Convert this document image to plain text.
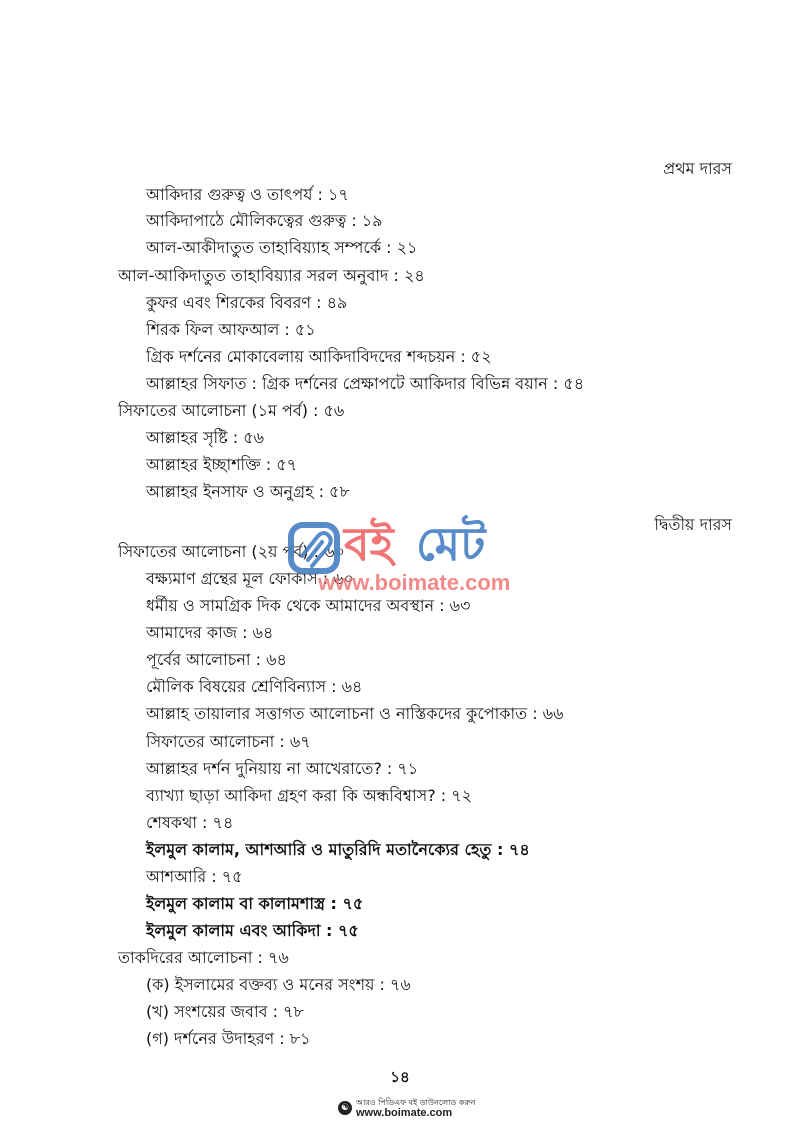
প্রথম দারস
আকিদার গুরুত্ব ও তাৎপর্য : ১৭
আকিদাপাঠে মৌলিকত্বের গুরুত্ব : ১৯
আল-আকীদাতুত তাহাবিয়্যাহ সম্পর্কে : ২১
আল-আকিদাতুত তাহাবিয়্যার সরল অনুবাদ : ২৪
কুফর এবং শিরকের বিবরণ : ৪৯
শিরক ফিল আফআল : ৫১
গ্রিক দর্শনের মোকাবেলায় আকিদাবিদদের শব্দচয়ন : ৫২
আল্লাহর সিফাত : গ্রিক দর্শনের প্রেক্ষাপটে আকিদার বিভিন্ন বয়ান : ৫৪
সিফাতের আলোচনা (১ম পর্ব) : ৫৬
আল্লাহর সৃষ্টি : ৫৬
আল্লাহর ইচ্ছাশক্তি : ৫৭
আল্লাহর ইনসাফ ও অনুগ্রহ : ৫৮
দ্বিতীয় দারস
সিফাতের আলোচনা (২য় পর্ব) : ৬০
বক্ষ্যমাণ গ্রন্থের মূল ফোকাস : ৬০
ধর্মীয় ও সামগ্রিক দিক থেকে আমাদের অবস্থান : ৬৩
আমাদের কাজ : ৬৪
পূর্বের আলোচনা : ৬৪
মৌলিক বিষয়ের শ্রেণিবিন্যাস : ৬৪
আল্লাহ তায়ালার সত্তাগত আলোচনা ও নাস্তিকদের কুপোকাত : ৬৬
সিফাতের আলোচনা : ৬৭
আল্লাহর দর্শন দুনিয়ায় না আখেরাতে? : ৭১
ব্যাখ্যা ছাড়া আকিদা গ্রহণ করা কি অন্ধবিশ্বাস? : ৭২
শেষকথা : ৭৪
ইলমুল কালাম, আশআরি ও মাতুরিদি মতানৈক্যের হেতু : ৭৪
আশআরি : ৭৫
ইলমুল কালাম বা কালামশাস্ত্র : ৭৫
ইলমুল কালাম এবং আকিদা : ৭৫
তাকদিরের আলোচনা : ৭৬
(ক) ইসলামের বক্তব্য ও মনের সংশয় : ৭৬
(খ) সংশয়ের জবাব : ৭৮
(গ) দর্শনের উদাহরণ : ৮১
বই মেট
www.boimate.com
১৪
☯
আরও পিডিএফ বই ডাউনলোড করুন
www.boimate.com
